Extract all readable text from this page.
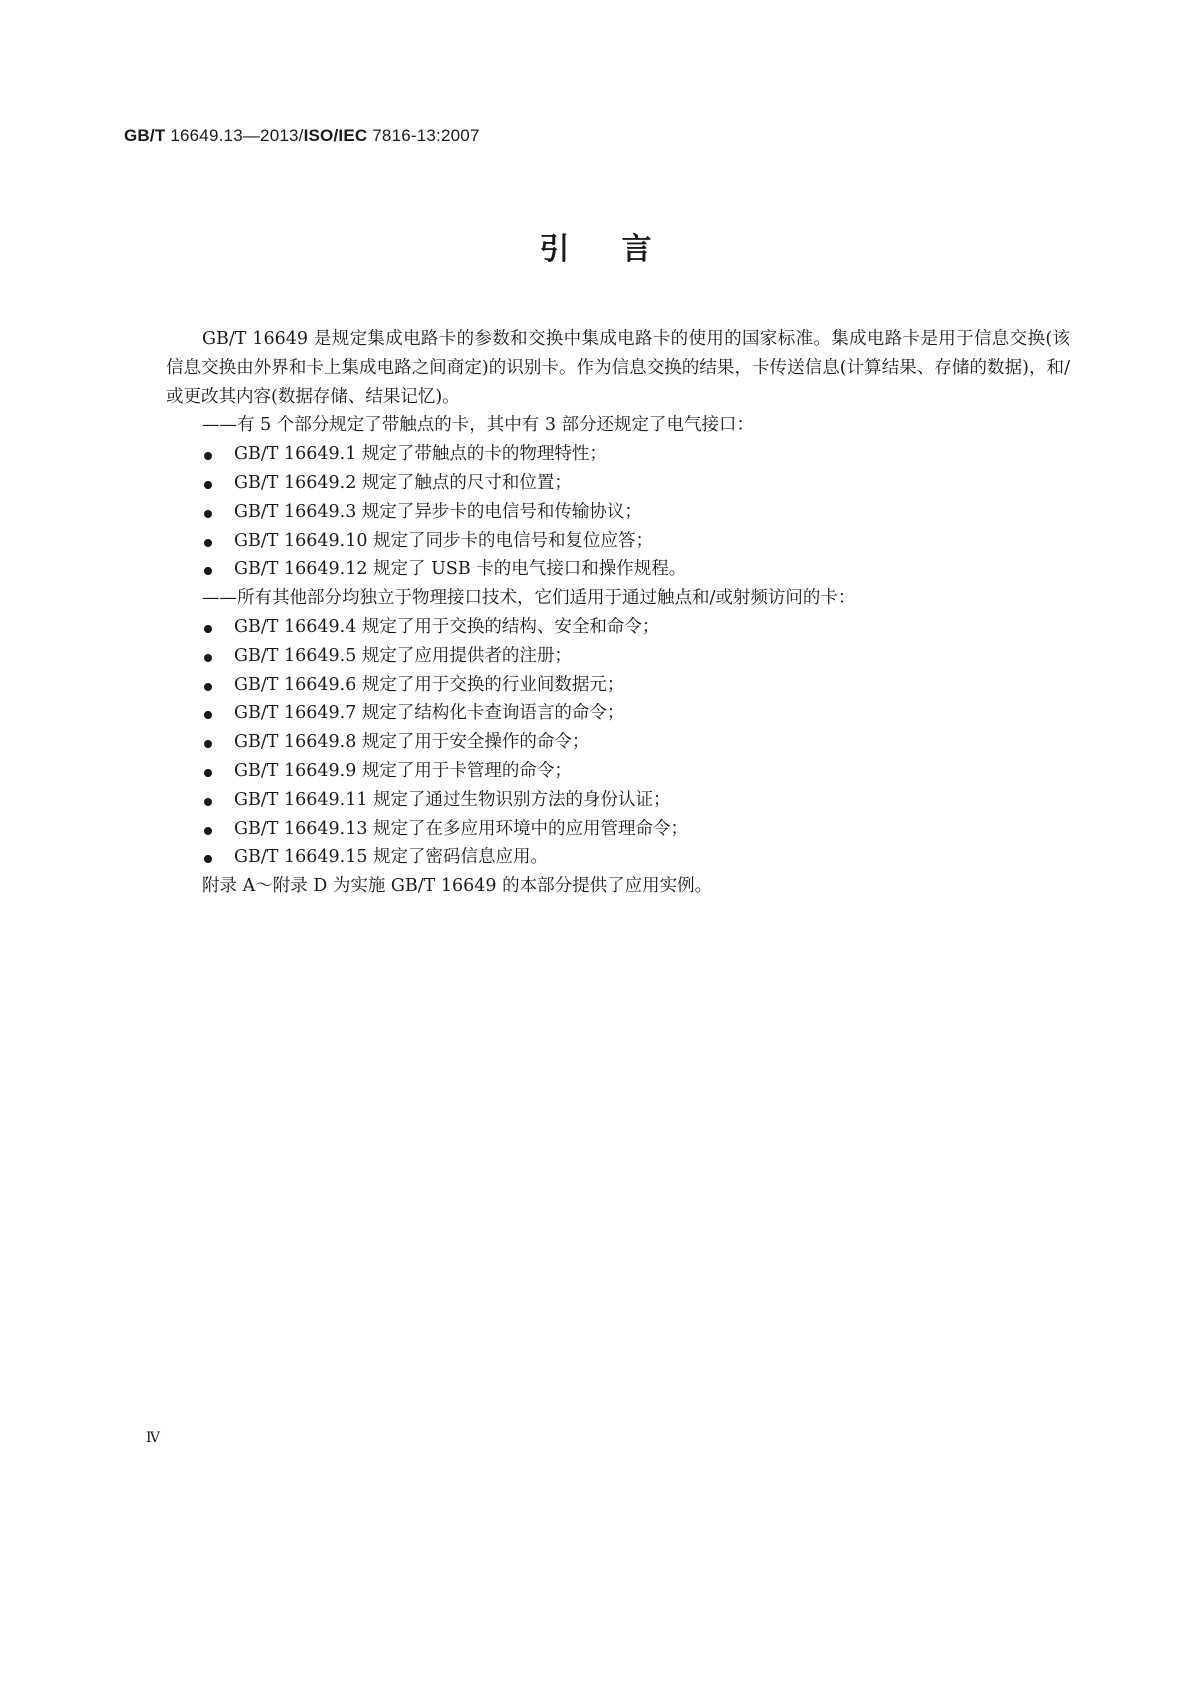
GB/T 16649.13—2013/ISO/IEC 7816-13:2007
引言

GB/T 16649 是规定集成电路卡的参数和交换中集成电路卡的使用的国家标准。集成电路卡是用于信息交换(该信息交换由外界和卡上集成电路之间商定)的识别卡。作为信息交换的结果，卡传送信息(计算结果、存储的数据)，和/或更改其内容(数据存储、结果记忆)。

——有 5 个部分规定了带触点的卡，其中有 3 部分还规定了电气接口：

GB/T 16649.1 规定了带触点的卡的物理特性；
GB/T 16649.2 规定了触点的尺寸和位置；
GB/T 16649.3 规定了异步卡的电信号和传输协议；
GB/T 16649.10 规定了同步卡的电信号和复位应答；
GB/T 16649.12 规定了 USB 卡的电气接口和操作规程。

——所有其他部分均独立于物理接口技术，它们适用于通过触点和/或射频访问的卡：

GB/T 16649.4 规定了用于交换的结构、安全和命令；
GB/T 16649.5 规定了应用提供者的注册；
GB/T 16649.6 规定了用于交换的行业间数据元；
GB/T 16649.7 规定了结构化卡查询语言的命令；
GB/T 16649.8 规定了用于安全操作的命令；
GB/T 16649.9 规定了用于卡管理的命令；
GB/T 16649.11 规定了通过生物识别方法的身份认证；
GB/T 16649.13 规定了在多应用环境中的应用管理命令；
GB/T 16649.15 规定了密码信息应用。

附录 A～附录 D 为实施 GB/T 16649 的本部分提供了应用实例。

Ⅳ
